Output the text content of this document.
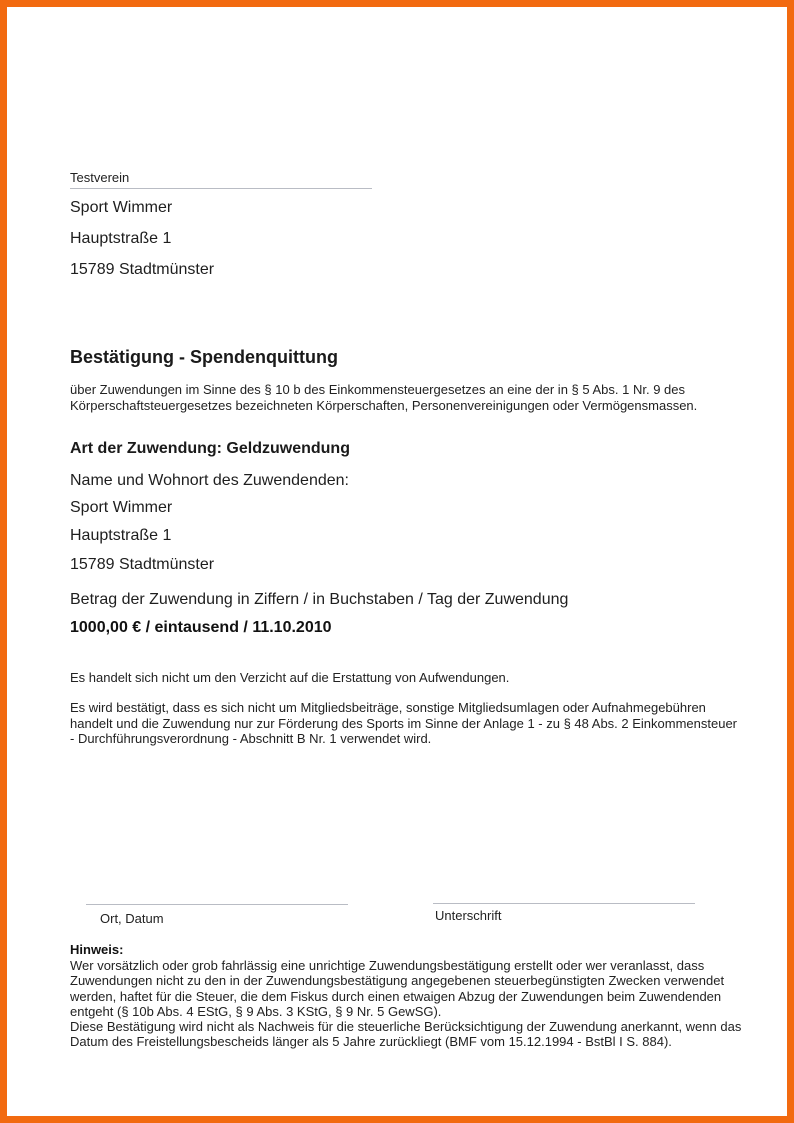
Testverein

Sport Wimmer

Hauptstraße 1

15789 Stadtmünster

Bestätigung - Spendenquittung

über Zuwendungen im Sinne des § 10 b des Einkommensteuergesetzes an eine der in § 5 Abs. 1 Nr. 9 des Körperschaftsteuergesetzes bezeichneten Körperschaften, Personenvereinigungen oder Vermögensmassen.

Art der Zuwendung: Geldzuwendung

Name und Wohnort des Zuwendenden:

Sport Wimmer

Hauptstraße 1

15789 Stadtmünster

Betrag der Zuwendung in Ziffern / in Buchstaben / Tag der Zuwendung

1000,00 € / eintausend / 11.10.2010

Es handelt sich nicht um den Verzicht auf die Erstattung von Aufwendungen.

Es wird bestätigt, dass es sich nicht um Mitgliedsbeiträge, sonstige Mitgliedsumlagen oder Aufnahmegebühren handelt und die Zuwendung nur zur Förderung des Sports im Sinne der Anlage 1 - zu § 48 Abs. 2 Einkommensteuer - Durchführungsverordnung - Abschnitt B Nr. 1 verwendet wird.

Ort, Datum	Unterschrift

Hinweis:

Wer vorsätzlich oder grob fahrlässig eine unrichtige Zuwendungsbestätigung erstellt oder wer veranlasst, dass Zuwendungen nicht zu den in der Zuwendungsbestätigung angegebenen steuerbegünstigten Zwecken verwendet werden, haftet für die Steuer, die dem Fiskus durch einen etwaigen Abzug der Zuwendungen beim Zuwendenden entgeht (§ 10b Abs. 4 EStG, § 9 Abs. 3 KStG, § 9 Nr. 5 GewSG).

Diese Bestätigung wird nicht als Nachweis für die steuerliche Berücksichtigung der Zuwendung anerkannt, wenn das Datum des Freistellungsbescheids länger als 5 Jahre zurückliegt (BMF vom 15.12.1994 - BstBl I S. 884).
